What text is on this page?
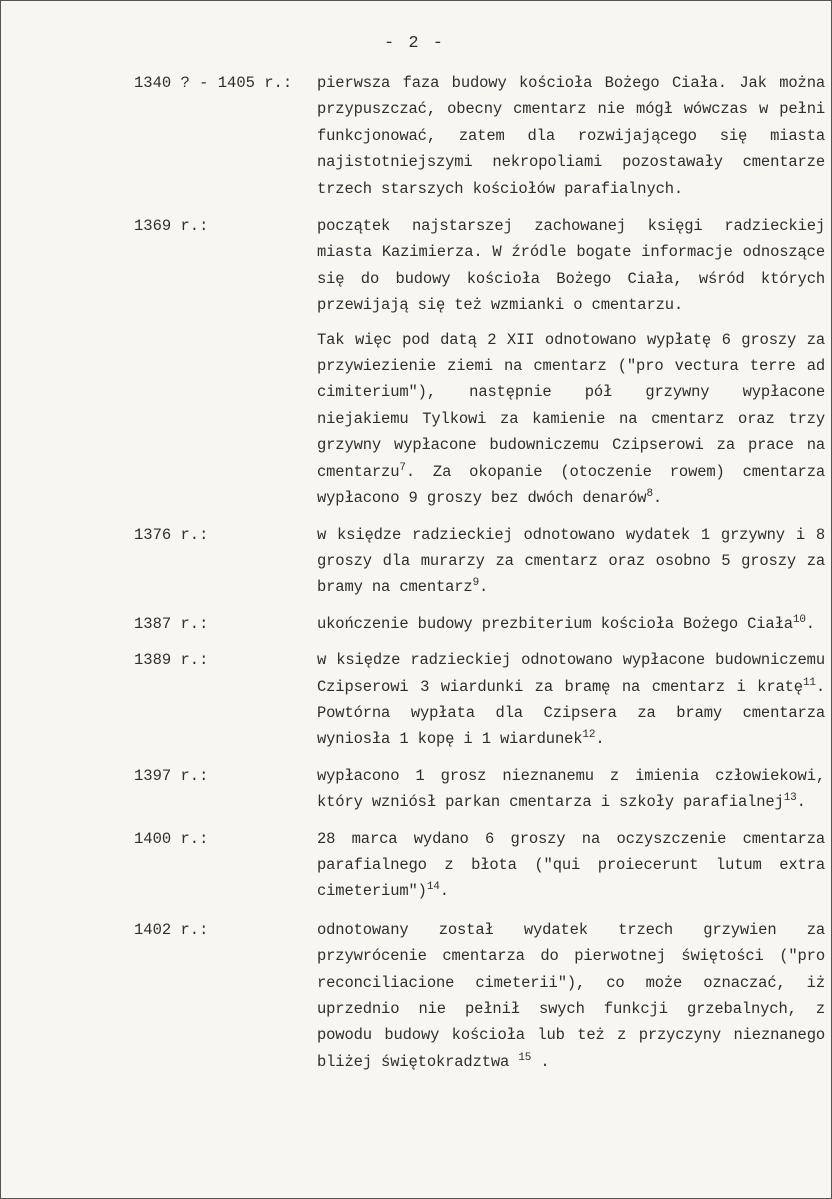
- 2 -
1340 ? - 1405 r.: pierwsza faza budowy kościoła Bożego Ciała. Jak można przypuszczać, obecny cmentarz nie mógł wówczas w pełni funkcjonować, zatem dla rozwijającego się miasta najistotniejszymi nekropoliami pozostawały cmentarze trzech starszych kościołów parafialnych.

1369 r.:	początek najstarszej zachowanej księgi radzieckiej miasta Kazimierza. W źródle bogate informacje odnoszące się do budowy kościoła Bożego Ciała, wśród których przewijają się też wzmianki o cmentarzu.

Tak więc pod datą 2 XII odnotowano wypłatę 6 groszy za przywiezienie ziemi na cmentarz ("pro vectura terre ad cimiterium"), następnie pół grzywny wypłacone niejakiemu Tylkowi za kamienie na cmentarz oraz trzy grzywny wypłacone budowniczemu Czipserowi za prace na cmentarzu$^7$. Za okopanie (otoczenie rowem) cmentarza wypłacono 9 groszy bez dwóch denarów$^8$.

1376 r.:	w księdze radzieckiej odnotowano wydatek 1 grzywny i 8 groszy dla murarzy za cmentarz oraz osobno 5 groszy za bramy na cmentarz$^9$.

1387 r.:	ukończenie budowy prezbiterium kościoła Bożego Ciała$^{10}$.

1389 r.:	w księdze radzieckiej odnotowano wypłacone budowniczemu Czipserowi 3 wiardunki za bramę na cmentarz i kratę$^{11}$. Powtórna wypłata dla Czipsera za bramy cmentarza wyniosła 1 kopę i 1 wiardunek$^{12}$.

1397 r.:	wypłacono 1 grosz nieznanemu z imienia człowiekowi, który wzniósł parkan cmentarza i szkoły parafialnej$^{13}$.

1400 r.:	28 marca wydano 6 groszy na oczyszczenie cmentarza parafialnego z błota ("qui proiecerunt lutum extra cimeterium")$^{14}$.

1402 r.:	odnotowany został wydatek trzech grzywien za przywrócenie cmentarza do pierwotnej świętości ("pro reconciliacione cimeterii"), co może oznaczać, iż uprzednio nie pełnił swych funkcji grzebalnych, z powodu budowy kościoła lub też z przyczyny nieznanego bliżej świętokradztwa $^{15}$ .
